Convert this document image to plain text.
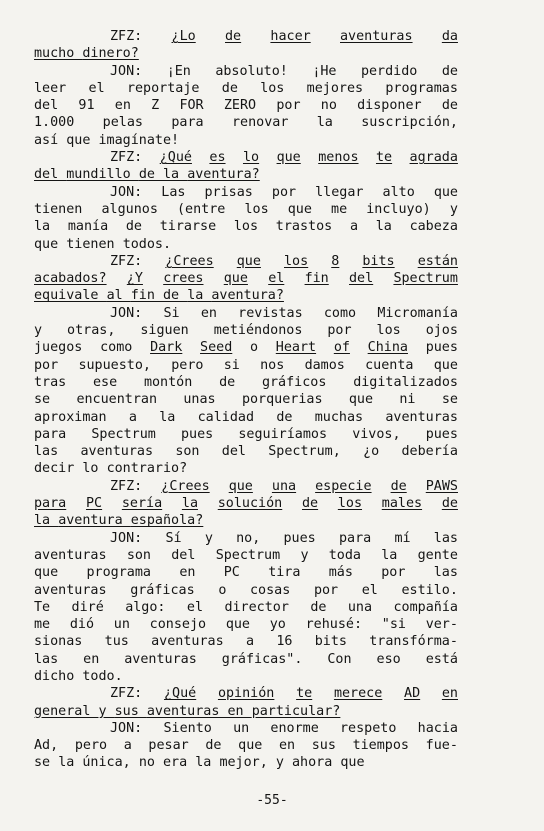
ZFZ: ¿Lo de hacer aventuras da
mucho dinero?
JON: ¡En absoluto! ¡He perdido de
leer el reportaje de los mejores programas
del 91 en Z FOR ZERO por no disponer de
1.000 pelas para renovar la suscripción,
así que imagínate!
ZFZ: ¿Qué es lo que menos te agrada
del mundillo de la aventura?
JON: Las prisas por llegar alto que
tienen algunos (entre los que me incluyo) y
la manía de tirarse los trastos a la cabeza
que tienen todos.
ZFZ: ¿Crees que los 8 bits están
acabados? ¿Y crees que el fin del Spectrum
equivale al fin de la aventura?
JON: Si en revistas como Micromanía
y otras, siguen metiéndonos por los ojos
juegos como Dark Seed o Heart of China pues
por supuesto, pero si nos damos cuenta que
tras ese montón de gráficos digitalizados
se encuentran unas porquerias que ni se
aproximan a la calidad de muchas aventuras
para Spectrum pues seguiríamos vivos, pues
las aventuras son del Spectrum, ¿o debería
decir lo contrario?
ZFZ: ¿Crees que una especie de PAWS
para PC sería la solución de los males de
la aventura española?
JON: Sí y no, pues para mí las
aventuras son del Spectrum y toda la gente
que programa en PC tira más por las
aventuras gráficas o cosas por el estilo.
Te diré algo: el director de una compañía
me dió un consejo que yo rehusé: "si ver-
sionas tus aventuras a 16 bits transfórma-
las en aventuras gráficas". Con eso está
dicho todo.
ZFZ: ¿Qué opinión te merece AD en
general y sus aventuras en particular?
JON: Siento un enorme respeto hacia
Ad, pero a pesar de que en sus tiempos fue-
se la única, no era la mejor, y ahora que
-55-
